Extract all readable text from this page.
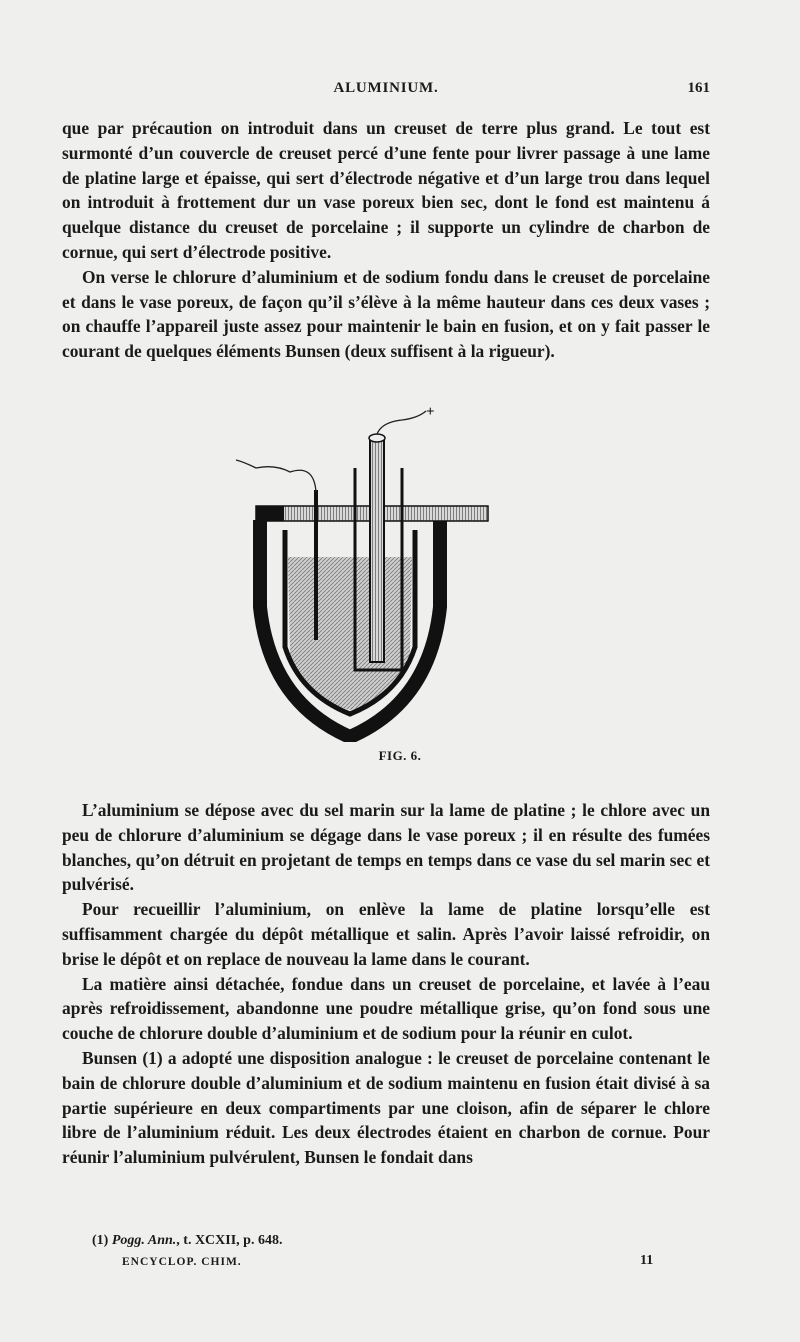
ALUMINIUM.	161

que par précaution on introduit dans un creuset de terre plus grand. Le tout est surmonté d’un couvercle de creuset percé d’une fente pour livrer passage à une lame de platine large et épaisse, qui sert d’électrode négative et d’un large trou dans lequel on introduit à frottement dur un vase poreux bien sec, dont le fond est maintenu á quelque distance du creuset de porcelaine ; il supporte un cylindre de charbon de cornue, qui sert d’électrode positive.

On verse le chlorure d’aluminium et de sodium fondu dans le creuset de porcelaine et dans le vase poreux, de façon qu’il s’élève à la même hauteur dans ces deux vases ; on chauffe l’appareil juste assez pour maintenir le bain en fusion, et on y fait passer le courant de quelques éléments Bunsen (deux suffisent à la rigueur).

+
FIG. 6.

L’aluminium se dépose avec du sel marin sur la lame de platine ; le chlore avec un peu de chlorure d’aluminium se dégage dans le vase poreux ; il en résulte des fumées blanches, qu’on détruit en projetant de temps en temps dans ce vase du sel marin sec et pulvérisé.

Pour recueillir l’aluminium, on enlève la lame de platine lorsqu’elle est suffisamment chargée du dépôt métallique et salin. Après l’avoir laissé refroidir, on brise le dépôt et on replace de nouveau la lame dans le courant.

La matière ainsi détachée, fondue dans un creuset de porcelaine, et lavée à l’eau après refroidissement, abandonne une poudre métallique grise, qu’on fond sous une couche de chlorure double d’aluminium et de sodium pour la réunir en culot.

Bunsen (1) a adopté une disposition analogue : le creuset de porcelaine contenant le bain de chlorure double d’aluminium et de sodium maintenu en fusion était divisé à sa partie supérieure en deux compartiments par une cloison, afin de séparer le chlore libre de l’aluminium réduit. Les deux électrodes étaient en charbon de cornue. Pour réunir l’aluminium pulvérulent, Bunsen le fondait dans

(1) Pogg. Ann., t. XCXII, p. 648.
ENCYCLOP. CHIM.	11
